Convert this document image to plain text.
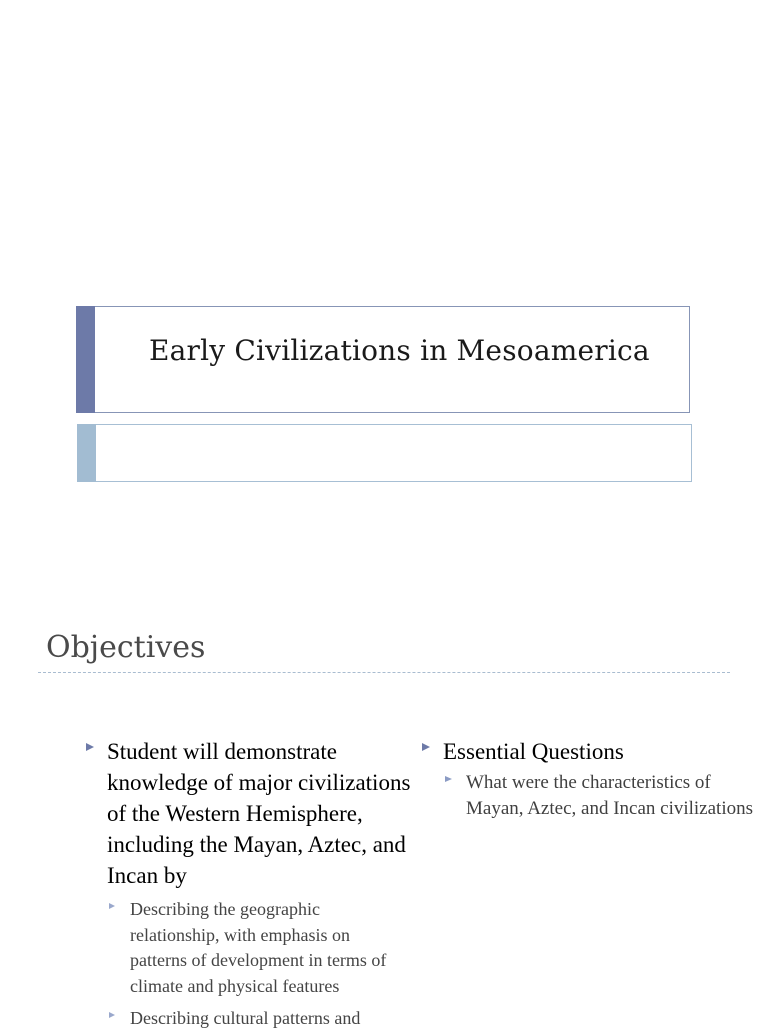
Early Civilizations in Mesoamerica
Objectives
Student will demonstrate knowledge of major civilizations of the Western Hemisphere, including the Mayan, Aztec, and Incan by
Describing the geographic relationship, with emphasis on patterns of development in terms of climate and physical features
Describing cultural patterns and
Essential Questions
What were the characteristics of Mayan, Aztec, and Incan civilizations
